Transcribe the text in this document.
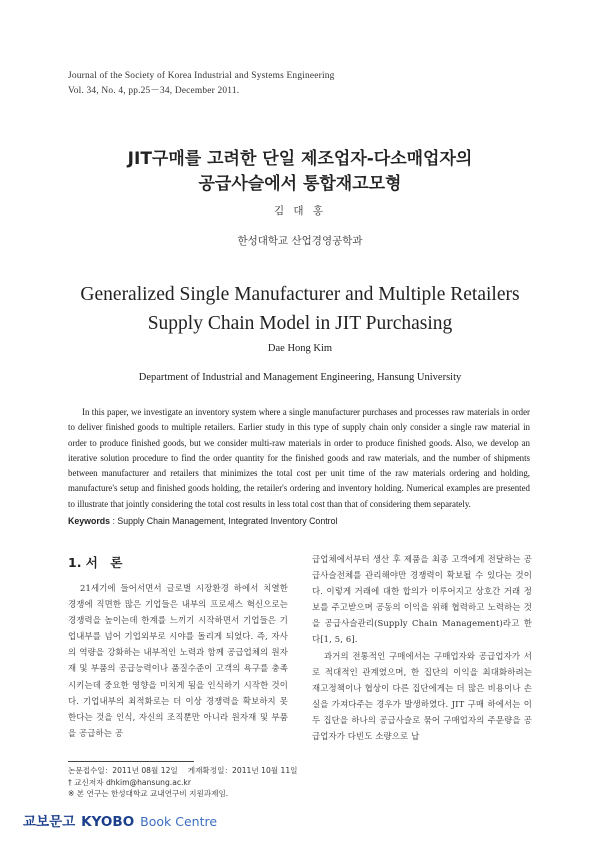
Journal of the Society of Korea Industrial and Systems Engineering
Vol. 34, No. 4, pp.25－34, December 2011.
JIT구매를 고려한 단일 제조업자-다소매업자의
공급사슬에서 통합재고모형
김 대 홍
한성대학교 산업경영공학과
Generalized Single Manufacturer and Multiple Retailers
Supply Chain Model in JIT Purchasing
Dae Hong Kim
Department of Industrial and Management Engineering, Hansung University
In this paper, we investigate an inventory system where a single manufacturer purchases and processes raw materials in order to deliver finished goods to multiple retailers. Earlier study in this type of supply chain only consider a single raw material in order to produce finished goods, but we consider multi-raw materials in order to produce finished goods. Also, we develop an iterative solution procedure to find the order quantity for the finished goods and raw materials, and the number of shipments between manufacturer and retailers that minimizes the total cost per unit time of the raw materials ordering and holding, manufacture's setup and finished goods holding, the retailer's ordering and inventory holding. Numerical examples are presented to illustrate that jointly considering the total cost results in less total cost than that of considering them separately.
Keywords : Supply Chain Management, Integrated Inventory Control
1. 서　론

21세기에 들어서면서 글로벌 시장환경 하에서 치열한 경쟁에 직면한 많은 기업들은 내부의 프로세스 혁신으로는 경쟁력을 높이는데 한계를 느끼기 시작하면서 기업들은 기업내부를 넘어 기업외부로 시야를 돌리게 되었다. 즉, 자사의 역량을 강화하는 내부적인 노력과 함께 공급업체의 원자재 및 부품의 공급능력이나 품질수준이 고객의 욕구를 충족시키는데 중요한 영향을 미치게 됨을 인식하기 시작한 것이다. 기업내부의 최적화로는 더 이상 경쟁력을 확보하지 못한다는 것을 인식, 자신의 조직뿐만 아니라 원자재 및 부품을 공급하는 공

급업체에서부터 생산 후 제품을 최종 고객에게 전달하는 공급사슬전체를 관리해야만 경쟁력이 확보될 수 있다는 것이다. 이렇게 거래에 대한 합의가 이루어지고 상호간 거래 정보를 주고받으며 공동의 이익을 위해 협력하고 노력하는 것을 공급사슬관리(Supply Chain Management)라고 한다[1, 5, 6].

과거의 전통적인 구매에서는 구매업자와 공급업자가 서로 적대적인 관계였으며, 한 집단의 이익을 최대화하려는 재고정책이나 협상이 다른 집단에게는 더 많은 비용이나 손실을 가져다주는 경우가 발생하였다. JIT 구매 하에서는 이 두 집단을 하나의 공급사슬로 묶어 구매업자의 주문량을 공급업자가 다빈도 소량으로 납

논문접수일：2011년 08월 12일　 게재확정일：2011년 10월 11일
† 교신저자 dhkim@hansung.ac.kr
※ 본 연구는 한성대학교 교내연구비 지원과제임.
교보문고 KYOBO Book Centre
